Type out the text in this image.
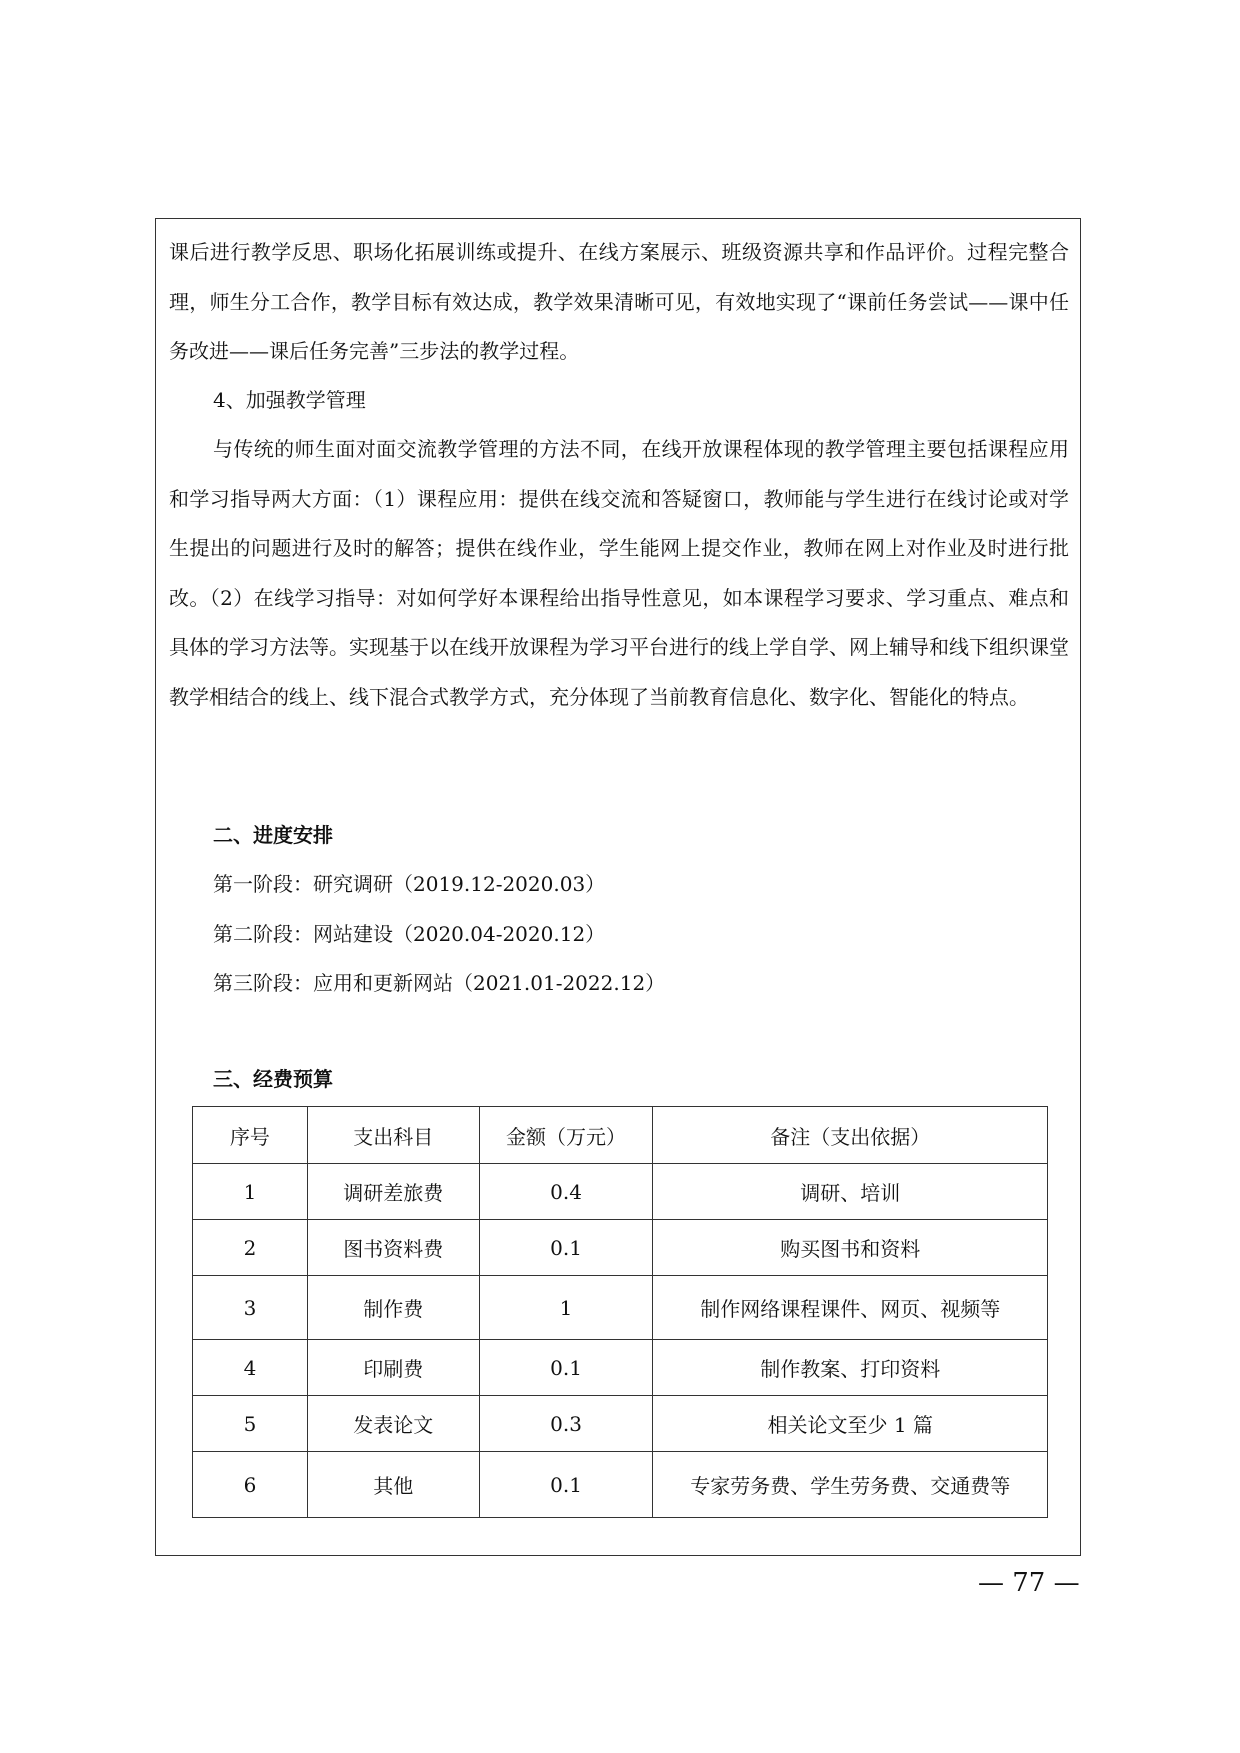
课后进行教学反思、职场化拓展训练或提升、在线方案展示、班级资源共享和作品评价。过程完整合理，师生分工合作，教学目标有效达成，教学效果清晰可见，有效地实现了“课前任务尝试——课中任务改进——课后任务完善”三步法的教学过程。

4、加强教学管理

与传统的师生面对面交流教学管理的方法不同，在线开放课程体现的教学管理主要包括课程应用和学习指导两大方面：（1）课程应用：提供在线交流和答疑窗口，教师能与学生进行在线讨论或对学生提出的问题进行及时的解答；提供在线作业，学生能网上提交作业，教师在网上对作业及时进行批改。（2）在线学习指导：对如何学好本课程给出指导性意见，如本课程学习要求、学习重点、难点和具体的学习方法等。实现基于以在线开放课程为学习平台进行的线上学自学、网上辅导和线下组织课堂教学相结合的线上、线下混合式教学方式，充分体现了当前教育信息化、数字化、智能化的特点。

二、进度安排
第一阶段：研究调研（2019.12-2020.03）
第二阶段：网站建设（2020.04-2020.12）
第三阶段：应用和更新网站（2021.01-2022.12）
三、经费预算
序号	支出科目	金额（万元）	备注（支出依据）
1	调研差旅费	0.4	调研、培训
2	图书资料费	0.1	购买图书和资料
3	制作费	1	制作网络课程课件、网页、视频等
4	印刷费	0.1	制作教案、打印资料
5	发表论文	0.3	相关论文至少 1 篇
6	其他	0.1	专家劳务费、学生劳务费、交通费等
— 77 —
